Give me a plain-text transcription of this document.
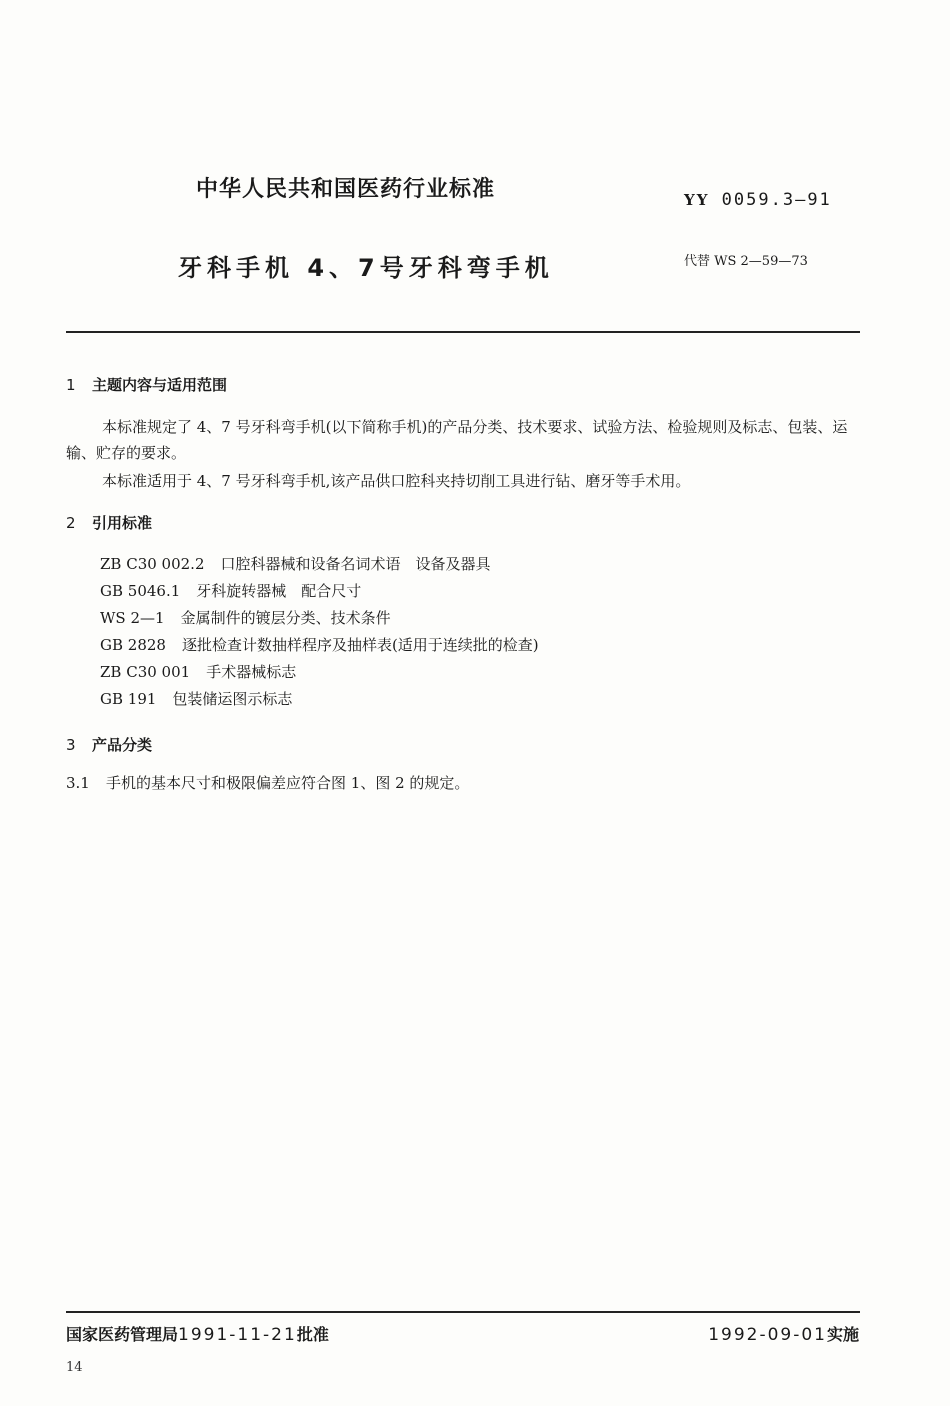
中华人民共和国医药行业标准	YY 0059.3—91
牙科手机 4、7号牙科弯手机	代替 WS 2—59—73
1 主题内容与适用范围

本标准规定了 4、7 号牙科弯手机(以下简称手机)的产品分类、技术要求、试验方法、检验规则及标志、包装、运输、贮存的要求。

本标准适用于 4、7 号牙科弯手机,该产品供口腔科夹持切削工具进行钻、磨牙等手术用。

2 引用标准
ZB C30 002.2 口腔科器械和设备名词术语　设备及器具
GB 5046.1 牙科旋转器械　配合尺寸
WS 2—1 金属制件的镀层分类、技术条件
GB 2828 逐批检查计数抽样程序及抽样表(适用于连续批的检查)
ZB C30 001 手术器械标志
GB 191 包装储运图示标志
3 产品分类
3.1 手机的基本尺寸和极限偏差应符合图 1、图 2 的规定。
国家医药管理局1991-11-21批准	1992-09-01实施
14
